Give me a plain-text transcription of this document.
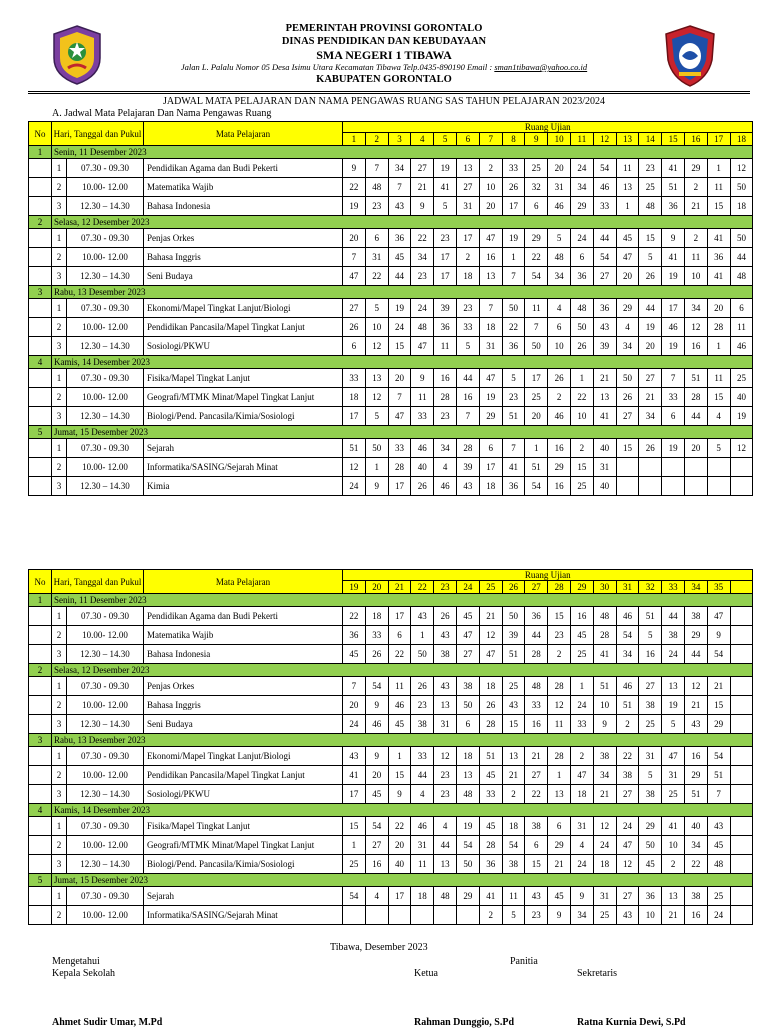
PEMERINTAH PROVINSI GORONTALO
DINAS PENDIDIKAN DAN KEBUDAYAAN
SMA NEGERI 1 TIBAWA
Jalan L. Palalu Nomor 05 Desa Isimu Utara Kecamatan Tibawa Telp.0435-890190 Email : sman1tibawa@yahoo.co.id
KABUPATEN GORONTALO
JADWAL MATA PELAJARAN DAN NAMA PENGAWAS RUANG SAS TAHUN PELAJARAN 2023/2024
A. Jadwal Mata Pelajaran Dan Nama Pengawas Ruang
No	Hari, Tanggal dan Pukul		Mata Pelajaran	Ruang Ujian																	
				1	2	3	4	5	6	7	8	9	10	11	12	13	14	15	16	17	18
1	Senin, 11 Desember 2023																				
	1	07.30 - 09.30	Pendidikan Agama dan Budi Pekerti	9	7	34	27	19	13	2	33	25	20	24	54	11	23	41	29	1	12
	2	10.00- 12.00	Matematika Wajib	22	48	7	21	41	27	10	26	32	31	34	46	13	25	51	2	11	50
	3	12.30 – 14.30	Bahasa Indonesia	19	23	43	9	5	31	20	17	6	46	29	33	1	48	36	21	15	18
2	Selasa, 12 Desember 2023																				
	1	07.30 - 09.30	Penjas Orkes	20	6	36	22	23	17	47	19	29	5	24	44	45	15	9	2	41	50
	2	10.00- 12.00	Bahasa Inggris	7	31	45	34	17	2	16	1	22	48	6	54	47	5	41	11	36	44
	3	12.30 – 14.30	Seni Budaya	47	22	44	23	17	18	13	7	54	34	36	27	20	26	19	10	41	48
3	Rabu, 13 Desember 2023																				
	1	07.30 - 09.30	Ekonomi/Mapel Tingkat Lanjut/Biologi	27	5	19	24	39	23	7	50	11	4	48	36	29	44	17	34	20	6
	2	10.00- 12.00	Pendidikan Pancasila/Mapel Tingkat Lanjut	26	10	24	48	36	33	18	22	7	6	50	43	4	19	46	12	28	11
	3	12.30 – 14.30	Sosiologi/PKWU	6	12	15	47	11	5	31	36	50	10	26	39	34	20	19	16	1	46
4	Kamis, 14 Desember 2023																				
	1	07.30 - 09.30	Fisika/Mapel Tingkat Lanjut	33	13	20	9	16	44	47	5	17	26	1	21	50	27	7	51	11	25
	2	10.00- 12.00	Geografi/MTMK Minat/Mapel Tingkat Lanjut	18	12	7	11	28	16	19	23	25	2	22	13	26	21	33	28	15	40
	3	12.30 – 14.30	Biologi/Pend. Pancasila/Kimia/Sosiologi	17	5	47	33	23	7	29	51	20	46	10	41	27	34	6	44	4	19
5	Jumat, 15 Desember 2023																				
	1	07.30 - 09.30	Sejarah	51	50	33	46	34	28	6	7	1	16	2	40	15	26	19	20	5	12
	2	10.00- 12.00	Informatika/SASING/Sejarah Minat	12	1	28	40	4	39	17	41	51	29	15	31						
	3	12.30 – 14.30	Kimia	24	9	17	26	46	43	18	36	54	16	25	40						
No	Hari, Tanggal dan Pukul		Mata Pelajaran	Ruang Ujian																	
				19	20	21	22	23	24	25	26	27	28	29	30	31	32	33	34	35	
1	Senin, 11 Desember 2023																				
	1	07.30 - 09.30	Pendidikan Agama dan Budi Pekerti	22	18	17	43	26	45	21	50	36	15	16	48	46	51	44	38	47	
	2	10.00- 12.00	Matematika Wajib	36	33	6	1	43	47	12	39	44	23	45	28	54	5	38	29	9	
	3	12.30 – 14.30	Bahasa Indonesia	45	26	22	50	38	27	47	51	28	2	25	41	34	16	24	44	54	
2	Selasa, 12 Desember 2023																				
	1	07.30 - 09.30	Penjas Orkes	7	54	11	26	43	38	18	25	48	28	1	51	46	27	13	12	21	
	2	10.00- 12.00	Bahasa Inggris	20	9	46	23	13	50	26	43	33	12	24	10	51	38	19	21	15	
	3	12.30 – 14.30	Seni Budaya	24	46	45	38	31	6	28	15	16	11	33	9	2	25	5	43	29	
3	Rabu, 13 Desember 2023																				
	1	07.30 - 09.30	Ekonomi/Mapel Tingkat Lanjut/Biologi	43	9	1	33	12	18	51	13	21	28	2	38	22	31	47	16	54	
	2	10.00- 12.00	Pendidikan Pancasila/Mapel Tingkat Lanjut	41	20	15	44	23	13	45	21	27	1	47	34	38	5	31	29	51	
	3	12.30 – 14.30	Sosiologi/PKWU	17	45	9	4	23	48	33	2	22	13	18	21	27	38	25	51	7	
4	Kamis, 14 Desember 2023																				
	1	07.30 - 09.30	Fisika/Mapel Tingkat Lanjut	15	54	22	46	4	19	45	18	38	6	31	12	24	29	41	40	43	
	2	10.00- 12.00	Geografi/MTMK Minat/Mapel Tingkat Lanjut	1	27	20	31	44	54	28	54	6	29	4	24	47	50	10	34	45	
	3	12.30 – 14.30	Biologi/Pend. Pancasila/Kimia/Sosiologi	25	16	40	11	13	50	36	38	15	21	24	18	12	45	2	22	48	
5	Jumat, 15 Desember 2023																				
	1	07.30 - 09.30	Sejarah	54	4	17	18	48	29	41	11	43	45	9	31	27	36	13	38	25	
	2	10.00- 12.00	Informatika/SASING/Sejarah Minat							2	5	23	9	34	25	43	10	21	16	24	
Tibawa, Desember 2023
Mengetahui
Kepala Sekolah
Panitia
Ketua	Sekretaris
Ahmet Sudir Umar, M.Pd	Rahman Dunggio, S.Pd	Ratna Kurnia Dewi, S.Pd
